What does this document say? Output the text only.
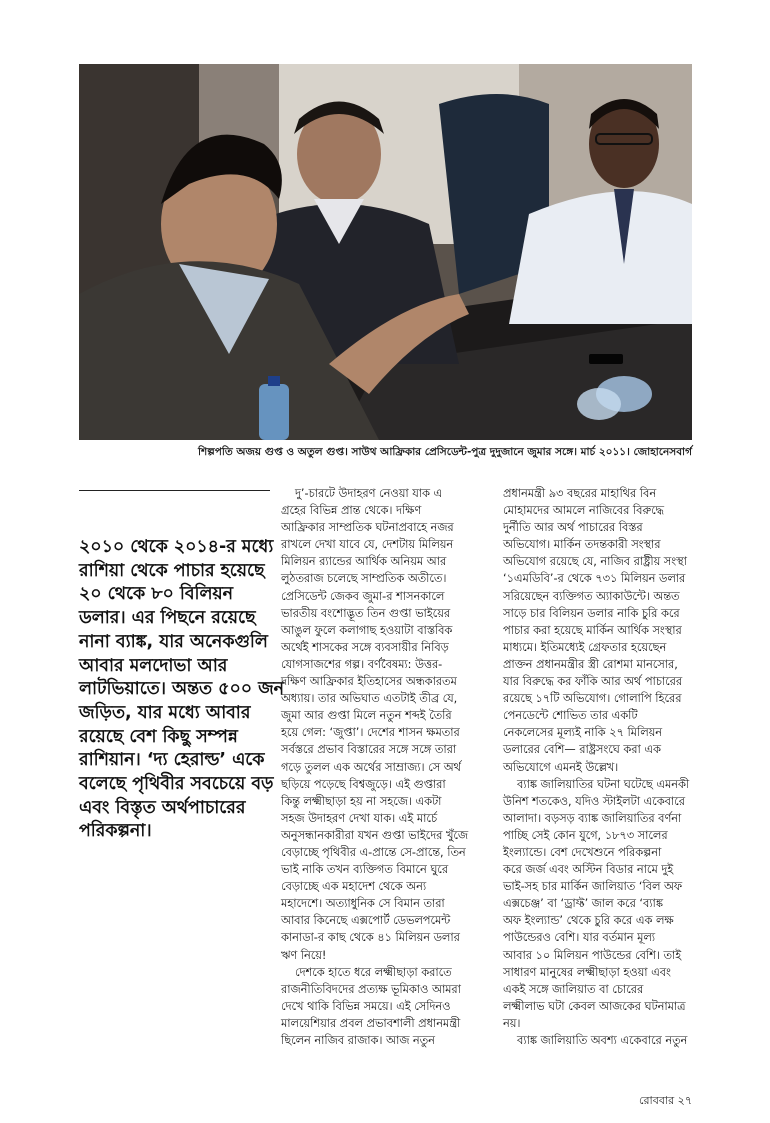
শিল্পপতি অজয় গুপ্ত ও অতুল গুপ্ত। সাউথ আফ্রিকার প্রেসিডেন্ট-পুত্র দুদুজানে জুমার সঙ্গে। মার্চ ২০১১। জোহানেসবার্গ
২০১০ থেকে ২০১৪-র মধ্যে
রাশিয়া থেকে পাচার হয়েছে
২০ থেকে ৮০ বিলিয়ন
ডলার। এর পিছনে রয়েছে
নানা ব্যাঙ্ক, যার অনেকগুলি
আবার মলদোভা আর
লাটভিয়াতে। অন্তত ৫০০ জন
জড়িত, যার মধ্যে আবার
রয়েছে বেশ কিছু সম্পন্ন
রাশিয়ান। ‘দ্য হেরাল্ড’ একে
বলেছে পৃথিবীর সবচেয়ে বড়
এবং বিস্তৃত অর্থপাচারের
পরিকল্পনা।
দু’-চারটে উদাহরণ নেওয়া যাক এ
গ্রহের বিভিন্ন প্রান্ত থেকে। দক্ষিণ
আফ্রিকার সাম্প্রতিক ঘটনাপ্রবাহে নজর
রাখলে দেখা যাবে যে, দেশটায় মিলিয়ন
মিলিয়ন র‍্যান্ডের আর্থিক অনিয়ম আর
লুঠতরাজ চলেছে সাম্প্রতিক অতীতে।
প্রেসিডেন্ট জেকব জুমা-র শাসনকালে
ভারতীয় বংশোদ্ভূত তিন গুপ্তা ভাইয়ের
আঙুল ফুলে কলাগাছ হওয়াটা বাস্তবিক
অর্থেই শাসকের সঙ্গে ব্যবসায়ীর নিবিড়
যোগসাজশের গল্প। বর্ণবৈষম্য: উত্তর-
দক্ষিণ আফ্রিকার ইতিহাসের অন্ধকারতম
অধ্যায়। তার অভিঘাত এতটাই তীব্র যে,
জুমা আর গুপ্তা মিলে নতুন শব্দই তৈরি
হয়ে গেল: ‘জুপ্তা’। দেশের শাসন ক্ষমতার
সর্বস্তরে প্রভাব বিস্তারের সঙ্গে সঙ্গে তারা
গড়ে তুলল এক অর্থের সাম্রাজ্য। সে অর্থ
ছড়িয়ে পড়েছে বিশ্বজুড়ে। এই গুপ্তারা
কিন্তু লক্ষ্মীছাড়া হয় না সহজে। একটা
সহজ উদাহরণ দেখা যাক। এই মার্চে
অনুসন্ধানকারীরা যখন গুপ্তা ভাইদের খুঁজে
বেড়াচ্ছে পৃথিবীর এ-প্রান্তে সে-প্রান্তে, তিন
ভাই নাকি তখন ব্যক্তিগত বিমানে ঘুরে
বেড়াচ্ছে এক মহাদেশ থেকে অন্য
মহাদেশে। অত্যাধুনিক সে বিমান তারা
আবার কিনেছে এক্সপোর্ট ডেভলপমেন্ট
কানাডা-র কাছ থেকে ৪১ মিলিয়ন ডলার
ঋণ নিয়ে!
দেশকে হাতে ধরে লক্ষ্মীছাড়া করাতে
রাজনীতিবিদদের প্রত্যক্ষ ভূমিকাও আমরা
দেখে থাকি বিভিন্ন সময়ে। এই সেদিনও
মালয়েশিয়ার প্রবল প্রভাবশালী প্রধানমন্ত্রী
ছিলেন নাজিব রাজাক। আজ নতুন
প্রধানমন্ত্রী ৯৩ বছরের মাহাথির বিন
মোহামদের আমলে নাজিবের বিরুদ্ধে
দুর্নীতি আর অর্থ পাচারের বিস্তর
অভিযোগ। মার্কিন তদন্তকারী সংস্থার
অভিযোগ রয়েছে যে, নাজিব রাষ্ট্রীয় সংস্থা
‘১এমডিবি’-র থেকে ৭৩১ মিলিয়ন ডলার
সরিয়েছেন ব্যক্তিগত অ্যাকাউন্টে। অন্তত
সাড়ে চার বিলিয়ন ডলার নাকি চুরি করে
পাচার করা হয়েছে মার্কিন আর্থিক সংস্থার
মাধ্যমে। ইতিমধ্যেই গ্রেফতার হয়েছেন
প্রাক্তন প্রধানমন্ত্রীর স্ত্রী রোশমা মানসোর,
যার বিরুদ্ধে কর ফাঁকি আর অর্থ পাচারের
রয়েছে ১৭টি অভিযোগ। গোলাপি হিরের
পেনডেন্টে শোভিত তার একটি
নেকলেসের মূল্যই নাকি ২৭ মিলিয়ন
ডলারের বেশি— রাষ্ট্রসংঘে করা এক
অভিযোগে এমনই উল্লেখ।
ব্যাঙ্ক জালিয়াতির ঘটনা ঘটেছে এমনকী
উনিশ শতকেও, যদিও স্টাইলটা একেবারে
আলাদা। বড়সড় ব্যাঙ্ক জালিয়াতির বর্ণনা
পাচ্ছি সেই কোন যুগে, ১৮৭৩ সালের
ইংল্যান্ডে। বেশ দেখেশুনে পরিকল্পনা
করে জর্জ এবং অস্টিন বিডার নামে দুই
ভাই-সহ চার মার্কিন জালিয়াত ‘বিল অফ
এক্সচেঞ্জ’ বা ‘ড্রাফ্ট’ জাল করে ‘ব্যাঙ্ক
অফ ইংল্যান্ড’ থেকে চুরি করে এক লক্ষ
পাউন্ডেরও বেশি। যার বর্তমান মূল্য
আবার ১০ মিলিয়ন পাউন্ডের বেশি। তাই
সাধারণ মানুষের লক্ষ্মীছাড়া হওয়া এবং
একই সঙ্গে জালিয়াত বা চোরের
লক্ষ্মীলাভ ঘটা কেবল আজকের ঘটনামাত্র
নয়।
ব্যাঙ্ক জালিয়াতি অবশ্য একেবারে নতুন
রোববার ২৭
